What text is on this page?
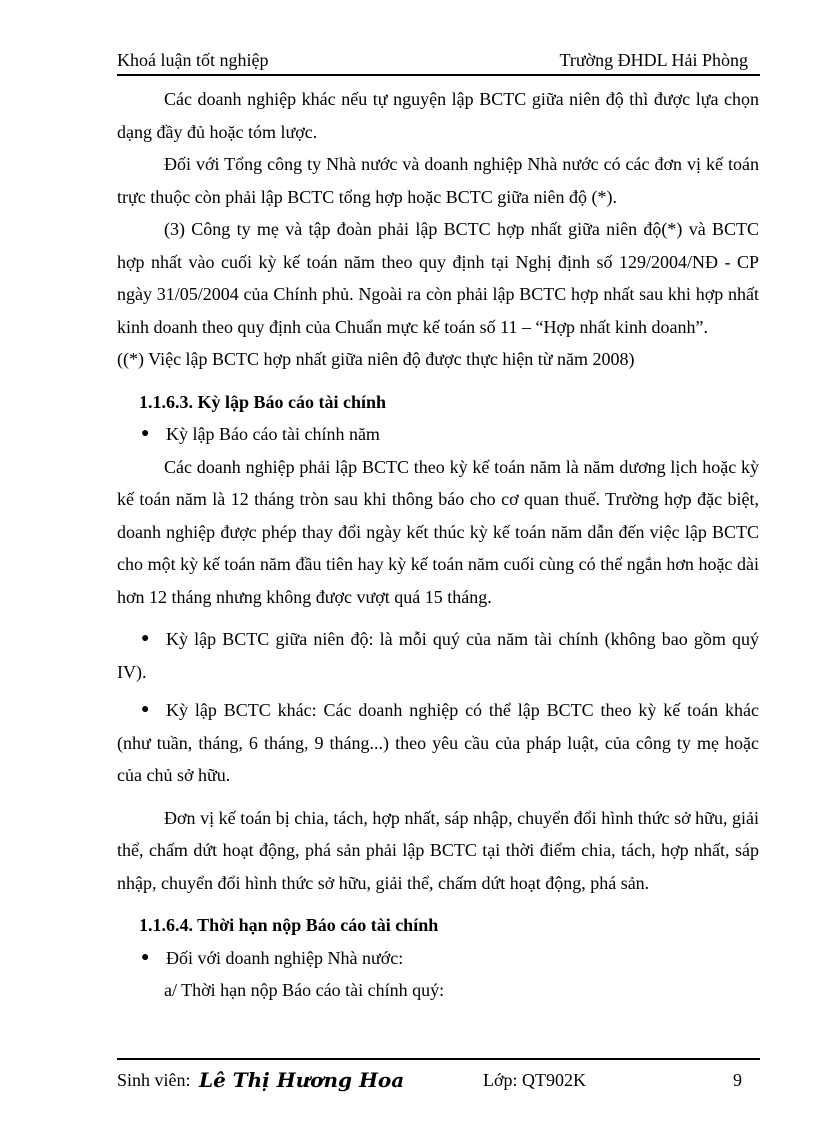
Khoá luận tốt nghiệp	Trường ĐHDL Hải Phòng

Các doanh nghiệp khác nếu tự nguyện lập BCTC giữa niên độ thì được lựa chọn dạng đầy đủ hoặc tóm lược.

Đối với Tổng công ty Nhà nước và doanh nghiệp Nhà nước có các đơn vị kế toán trực thuộc còn phải lập BCTC tổng hợp hoặc BCTC giữa niên độ (*).

(3) Công ty mẹ và tập đoàn phải lập BCTC hợp nhất giữa niên độ(*) và BCTC hợp nhất vào cuối kỳ kế toán năm theo quy định tại Nghị định số 129/2004/NĐ - CP ngày 31/05/2004 của Chính phủ. Ngoài ra còn phải lập BCTC hợp nhất sau khi hợp nhất kinh doanh theo quy định của Chuẩn mực kế toán số 11 – “Hợp nhất kinh doanh”.

((*) Việc lập BCTC hợp nhất giữa niên độ được thực hiện từ năm 2008)

1.1.6.3. Kỳ lập Báo cáo tài chính

● Kỳ lập Báo cáo tài chính năm

Các doanh nghiệp phải lập BCTC theo kỳ kế toán năm là năm dương lịch hoặc kỳ kế toán năm là 12 tháng tròn sau khi thông báo cho cơ quan thuế. Trường hợp đặc biệt, doanh nghiệp được phép thay đổi ngày kết thúc kỳ kế toán năm dẫn đến việc lập BCTC cho một kỳ kế toán năm đầu tiên hay kỳ kế toán năm cuối cùng có thể ngắn hơn hoặc dài hơn 12 tháng nhưng không được vượt quá 15 tháng.

● Kỳ lập BCTC giữa niên độ: là mỗi quý của năm tài chính (không bao gồm quý IV).

● Kỳ lập BCTC khác: Các doanh nghiệp có thể lập BCTC theo kỳ kế toán khác (như tuần, tháng, 6 tháng, 9 tháng...) theo yêu cầu của pháp luật, của công ty mẹ hoặc của chủ sở hữu.

Đơn vị kế toán bị chia, tách, hợp nhất, sáp nhập, chuyển đổi hình thức sở hữu, giải thể, chấm dứt hoạt động, phá sản phải lập BCTC tại thời điểm chia, tách, hợp nhất, sáp nhập, chuyển đổi hình thức sở hữu, giải thể, chấm dứt hoạt động, phá sản.

1.1.6.4. Thời hạn nộp Báo cáo tài chính

● Đối với doanh nghiệp Nhà nước:

a/ Thời hạn nộp Báo cáo tài chính quý:

Sinh viên: Lê Thị Hương Hoa	Lớp: QT902K	9
